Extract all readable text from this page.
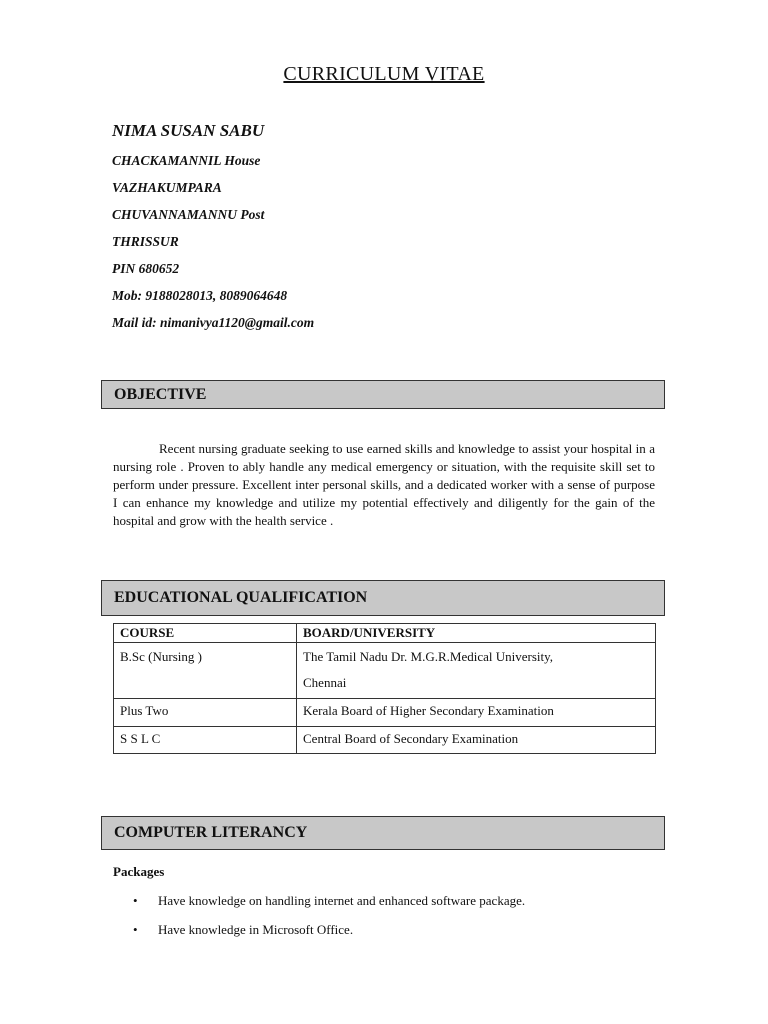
CURRICULUM VITAE
NIMA SUSAN SABU
CHACKAMANNIL House
VAZHAKUMPARA
CHUVANNAMANNU Post
THRISSUR
PIN 680652
Mob: 9188028013, 8089064648
Mail id: nimanivya1120@gmail.com
OBJECTIVE
Recent nursing graduate seeking to use earned skills and knowledge to assist your hospital in a nursing role . Proven to ably handle any medical emergency or situation, with the requisite skill set to perform under pressure. Excellent inter personal skills, and a dedicated worker with a sense of purpose I can enhance my knowledge and utilize my potential effectively and diligently for the gain of the hospital and grow with the health service .
EDUCATIONAL QUALIFICATION
COURSE	BOARD/UNIVERSITY
B.Sc (Nursing )	The Tamil Nadu Dr. M.G.R.Medical University,
Chennai

Plus Two	Kerala Board of Higher Secondary Examination
S S L C	Central Board of Secondary Examination
COMPUTER LITERANCY
Packages
• Have knowledge on handling internet and enhanced software package.
• Have knowledge in Microsoft Office.
